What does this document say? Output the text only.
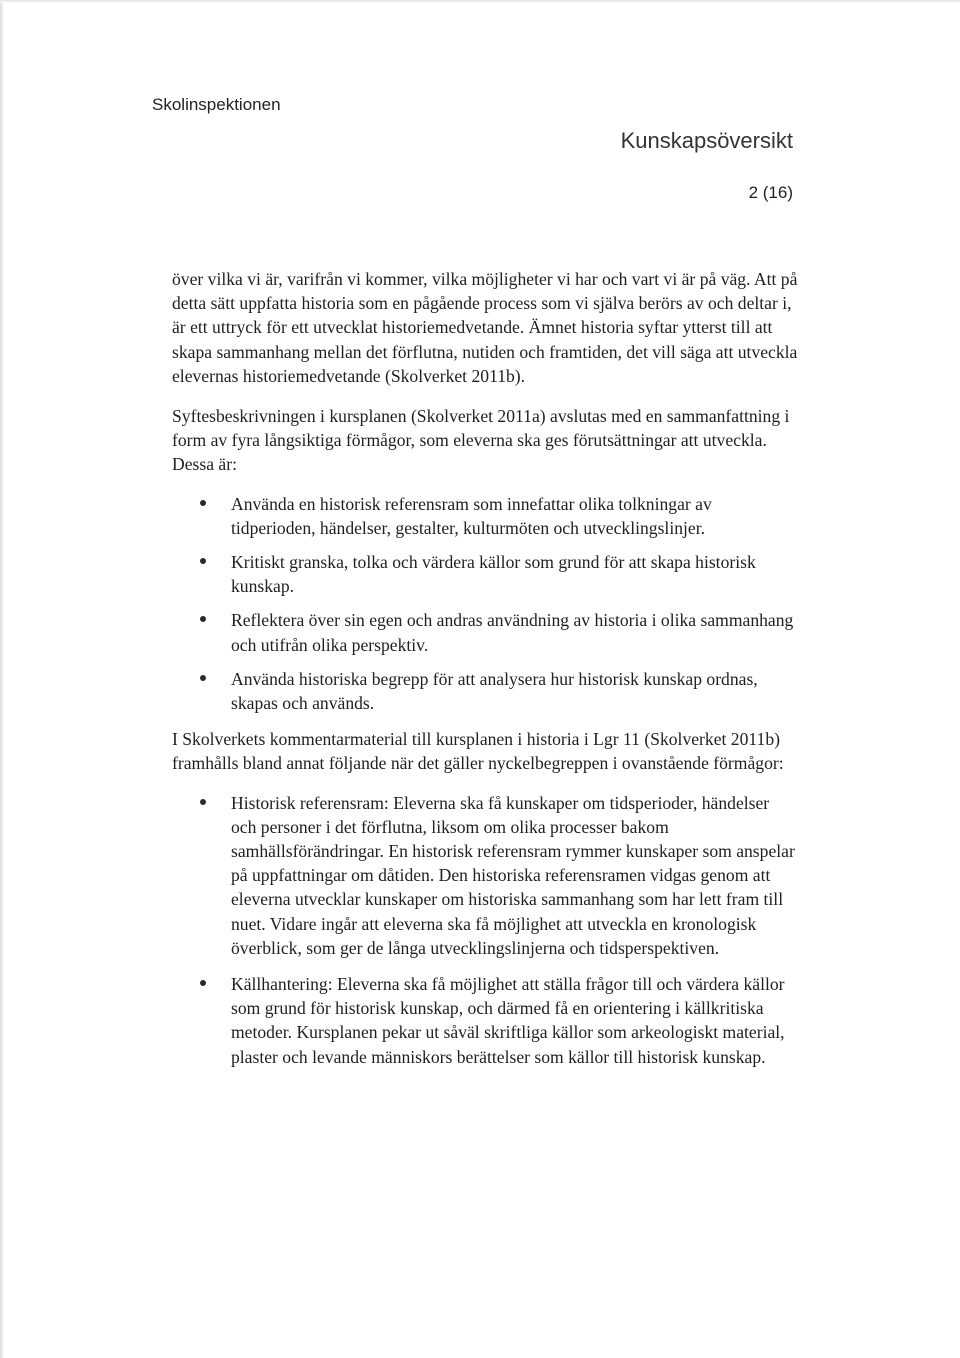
Skolinspektionen
Kunskapsöversikt
2 (16)

över vilka vi är, varifrån vi kommer, vilka möjligheter vi har och vart vi är på väg. Att på detta sätt uppfatta historia som en pågående process som vi själva berörs av och deltar i, är ett uttryck för ett utvecklat historiemedvetande. Ämnet historia syftar ytterst till att skapa sammanhang mellan det förflutna, nutiden och framtiden, det vill säga att utveckla elevernas historiemedvetande (Skolverket 2011b).

Syftesbeskrivningen i kursplanen (Skolverket 2011a) avslutas med en sammanfattning i form av fyra långsiktiga förmågor, som eleverna ska ges förutsättningar att utveckla. Dessa är:

Använda en historisk referensram som innefattar olika tolkningar av tidperioden, händelser, gestalter, kulturmöten och utvecklingslinjer.
Kritiskt granska, tolka och värdera källor som grund för att skapa historisk kunskap.
Reflektera över sin egen och andras användning av historia i olika sammanhang och utifrån olika perspektiv.
Använda historiska begrepp för att analysera hur historisk kunskap ordnas, skapas och används.

I Skolverkets kommentarmaterial till kursplanen i historia i Lgr 11 (Skolverket 2011b) framhålls bland annat följande när det gäller nyckelbegreppen i ovanstående förmågor:

Historisk referensram: Eleverna ska få kunskaper om tidsperioder, händelser och personer i det förflutna, liksom om olika processer bakom samhällsförändringar. En historisk referensram rymmer kunskaper som anspelar på uppfattningar om dåtiden. Den historiska referensramen vidgas genom att eleverna utvecklar kunskaper om historiska sammanhang som har lett fram till nuet. Vidare ingår att eleverna ska få möjlighet att utveckla en kronologisk överblick, som ger de långa utvecklingslinjerna och tidsperspektiven.
Källhantering: Eleverna ska få möjlighet att ställa frågor till och värdera källor som grund för historisk kunskap, och därmed få en orientering i källkritiska metoder. Kursplanen pekar ut såväl skriftliga källor som arkeologiskt material, plaster och levande människors berättelser som källor till historisk kunskap.
